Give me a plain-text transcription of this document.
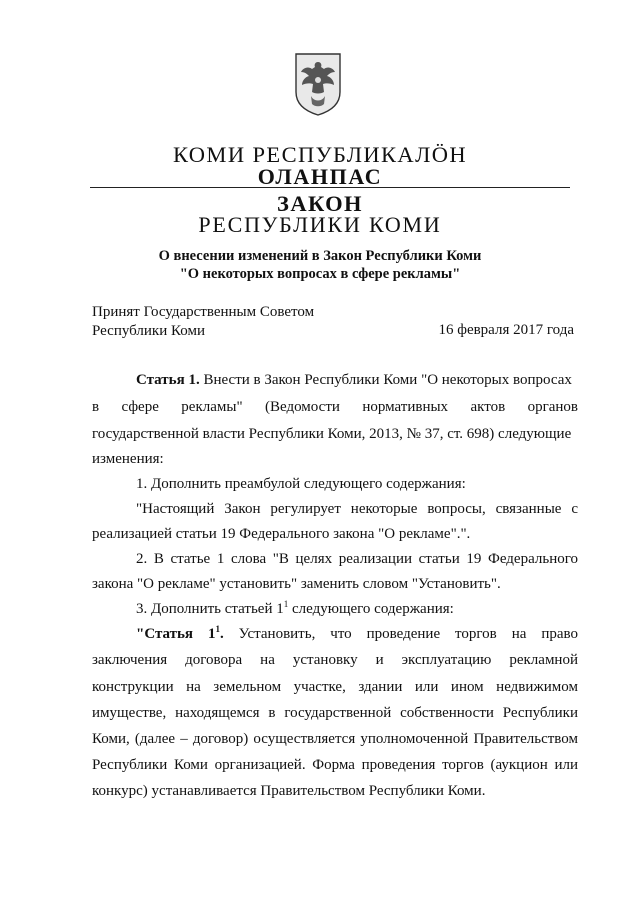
КОМИ РЕСПУБЛИКАЛÖН
ОЛАНПАС
ЗАКОН
РЕСПУБЛИКИ КОМИ
О внесении изменений в Закон Республики Коми
"О некоторых вопросах в сфере рекламы"
Принят Государственным Советом
Республики Коми	16 февраля 2017 года
Статья 1. Внести в Закон Республики Коми "О некоторых вопросах
в сфере рекламы" (Ведомости нормативных актов органов
государственной власти Республики Коми, 2013, № 37, ст. 698) следующие
изменения:
1. Дополнить преамбулой следующего содержания:
"Настоящий Закон регулирует некоторые вопросы, связанные с
реализацией статьи 19 Федерального закона "О рекламе".".
2. В статье 1 слова "В целях реализации статьи 19 Федерального
закона "О рекламе" установить" заменить словом "Установить".
3. Дополнить статьей $1^1$ следующего содержания:
"Статья $1^1$. Установить, что проведение торгов на право
заключения договора на установку и эксплуатацию рекламной
конструкции на земельном участке, здании или ином недвижимом
имуществе, находящемся в государственной собственности Республики
Коми, (далее – договор) осуществляется уполномоченной Правительством
Республики Коми организацией. Форма проведения торгов (аукцион или
конкурс) устанавливается Правительством Республики Коми.
